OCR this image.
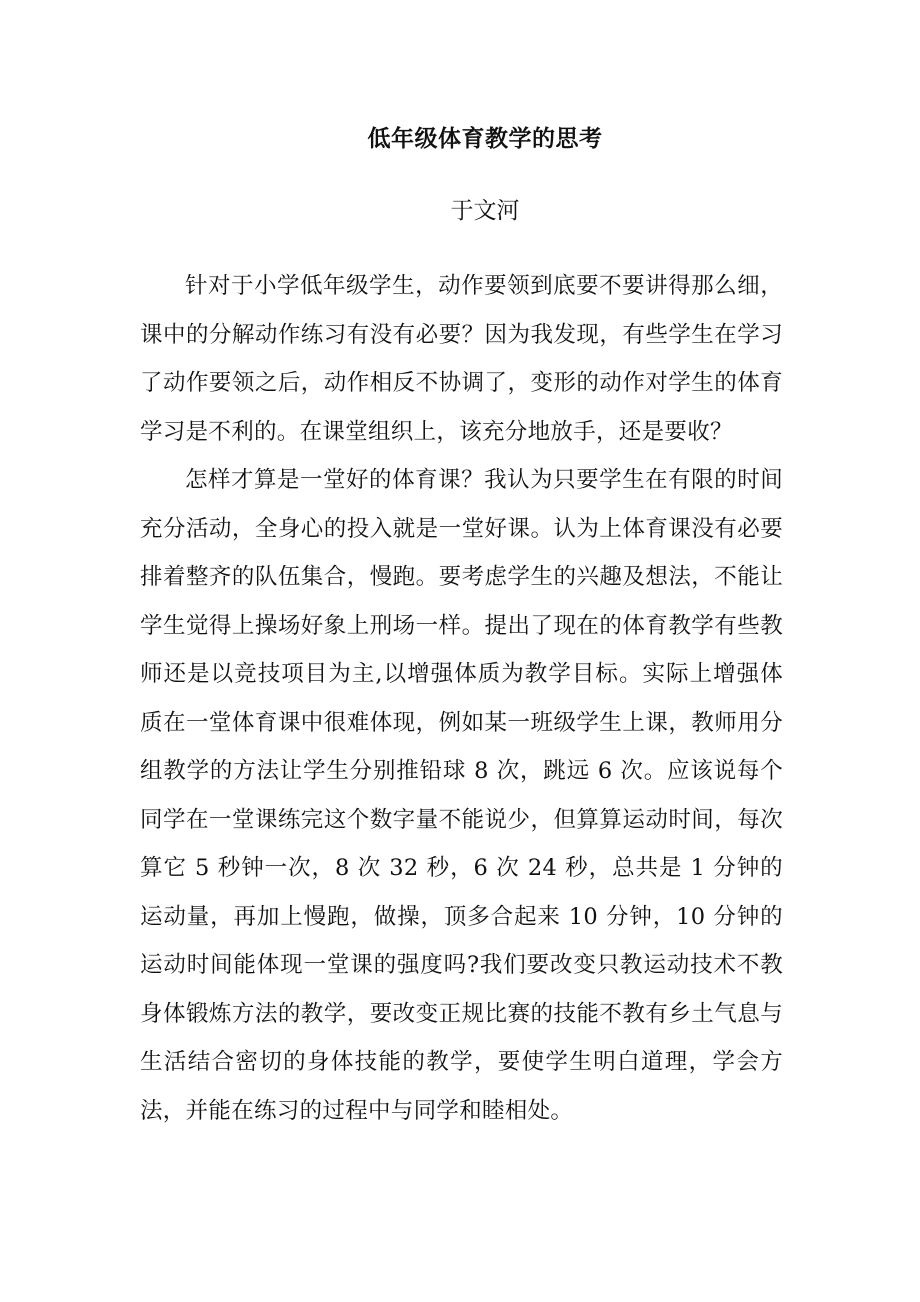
低年级体育教学的思考

于文河

针对于小学低年级学生，动作要领到底要不要讲得那么细，课中的分解动作练习有没有必要？因为我发现，有些学生在学习了动作要领之后，动作相反不协调了，变形的动作对学生的体育学习是不利的。在课堂组织上，该充分地放手，还是要收？

怎样才算是一堂好的体育课？我认为只要学生在有限的时间充分活动，全身心的投入就是一堂好课。认为上体育课没有必要排着整齐的队伍集合，慢跑。要考虑学生的兴趣及想法，不能让学生觉得上操场好象上刑场一样。提出了现在的体育教学有些教师还是以竞技项目为主,以增强体质为教学目标。实际上增强体质在一堂体育课中很难体现，例如某一班级学生上课，教师用分组教学的方法让学生分别推铅球 8 次，跳远 6 次。应该说每个同学在一堂课练完这个数字量不能说少，但算算运动时间，每次算它 5 秒钟一次，8 次 32 秒，6 次 24 秒，总共是 1 分钟的运动量，再加上慢跑，做操，顶多合起来 10 分钟，10 分钟的运动时间能体现一堂课的强度吗?我们要改变只教运动技术不教身体锻炼方法的教学，要改变正规比赛的技能不教有乡土气息与生活结合密切的身体技能的教学，要使学生明白道理，学会方法，并能在练习的过程中与同学和睦相处。
